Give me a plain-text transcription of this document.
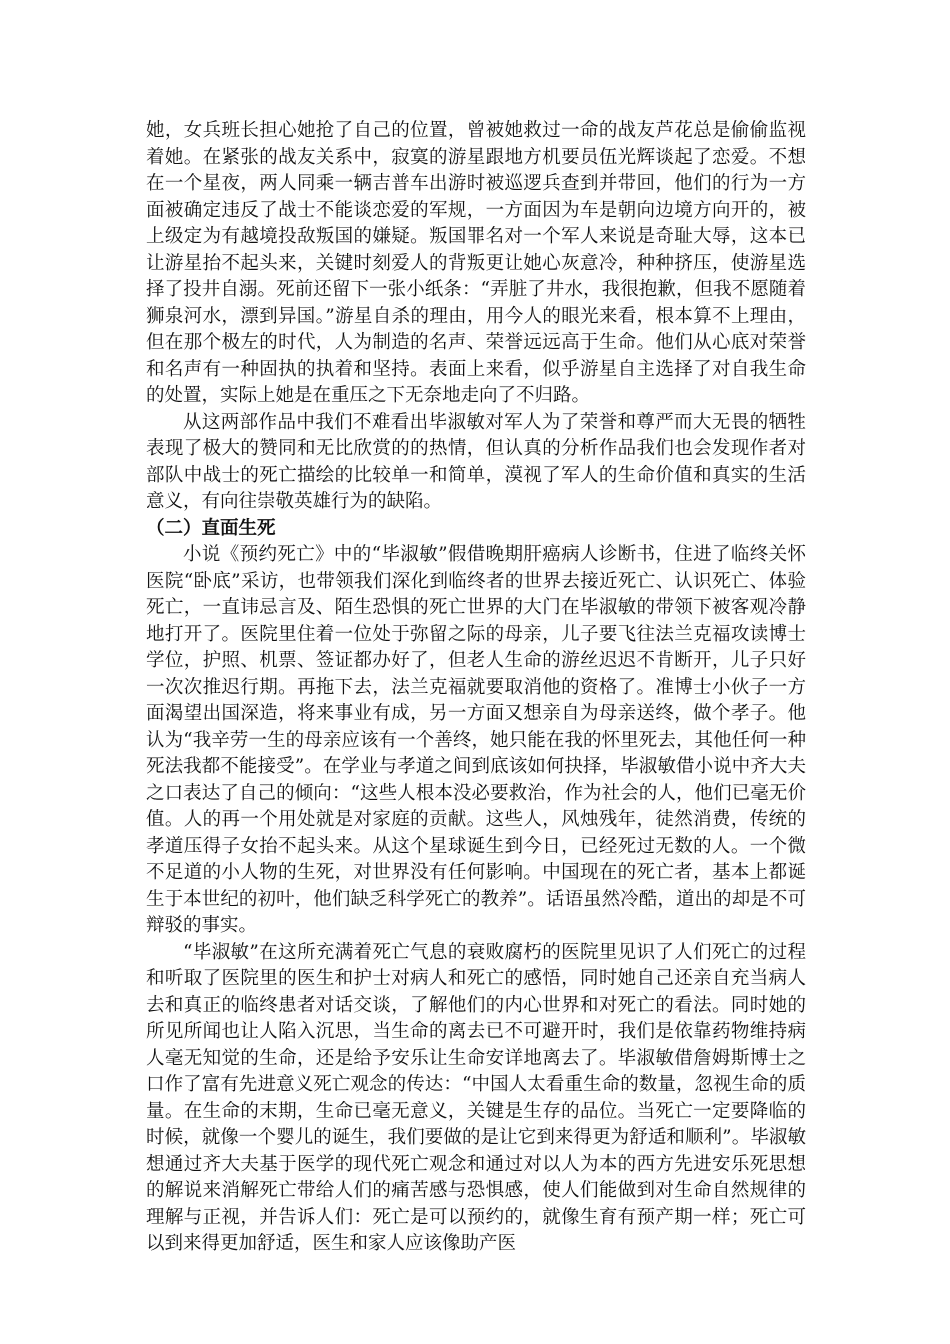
她，女兵班长担心她抢了自己的位置，曾被她救过一命的战友芦花总是偷偷监视着她。在紧张的战友关系中，寂寞的游星跟地方机要员伍光辉谈起了恋爱。不想在一个星夜，两人同乘一辆吉普车出游时被巡逻兵查到并带回，他们的行为一方面被确定违反了战士不能谈恋爱的军规，一方面因为车是朝向边境方向开的，被上级定为有越境投敌叛国的嫌疑。叛国罪名对一个军人来说是奇耻大辱，这本已让游星抬不起头来，关键时刻爱人的背叛更让她心灰意冷，种种挤压，使游星选择了投井自溺。死前还留下一张小纸条：“弄脏了井水，我很抱歉，但我不愿随着狮泉河水，漂到异国。”游星自杀的理由，用今人的眼光来看，根本算不上理由，但在那个极左的时代，人为制造的名声、荣誉远远高于生命。他们从心底对荣誉和名声有一种固执的执着和坚持。表面上来看，似乎游星自主选择了对自我生命的处置，实际上她是在重压之下无奈地走向了不归路。

从这两部作品中我们不难看出毕淑敏对军人为了荣誉和尊严而大无畏的牺牲表现了极大的赞同和无比欣赏的的热情，但认真的分析作品我们也会发现作者对部队中战士的死亡描绘的比较单一和简单，漠视了军人的生命价值和真实的生活意义，有向往崇敬英雄行为的缺陷。

（二）直面生死

小说《预约死亡》中的“毕淑敏”假借晚期肝癌病人诊断书，住进了临终关怀医院“卧底”采访，也带领我们深化到临终者的世界去接近死亡、认识死亡、体验死亡，一直讳忌言及、陌生恐惧的死亡世界的大门在毕淑敏的带领下被客观冷静地打开了。医院里住着一位处于弥留之际的母亲，儿子要飞往法兰克福攻读博士学位，护照、机票、签证都办好了，但老人生命的游丝迟迟不肯断开，儿子只好一次次推迟行期。再拖下去，法兰克福就要取消他的资格了。准博士小伙子一方面渴望出国深造，将来事业有成，另一方面又想亲自为母亲送终，做个孝子。他认为“我辛劳一生的母亲应该有一个善终，她只能在我的怀里死去，其他任何一种死法我都不能接受”。在学业与孝道之间到底该如何抉择，毕淑敏借小说中齐大夫之口表达了自己的倾向：“这些人根本没必要救治，作为社会的人，他们已毫无价值。人的再一个用处就是对家庭的贡献。这些人，风烛残年，徒然消费，传统的孝道压得子女抬不起头来。从这个星球诞生到今日，已经死过无数的人。一个微不足道的小人物的生死，对世界没有任何影响。中国现在的死亡者，基本上都诞生于本世纪的初叶，他们缺乏科学死亡的教养”。话语虽然冷酷，道出的却是不可辩驳的事实。

“毕淑敏”在这所充满着死亡气息的衰败腐朽的医院里见识了人们死亡的过程和听取了医院里的医生和护士对病人和死亡的感悟，同时她自己还亲自充当病人去和真正的临终患者对话交谈，了解他们的内心世界和对死亡的看法。同时她的所见所闻也让人陷入沉思，当生命的离去已不可避开时，我们是依靠药物维持病人毫无知觉的生命，还是给予安乐让生命安详地离去了。毕淑敏借詹姆斯博士之口作了富有先进意义死亡观念的传达：“中国人太看重生命的数量，忽视生命的质量。在生命的末期，生命已毫无意义，关键是生存的品位。当死亡一定要降临的时候，就像一个婴儿的诞生，我们要做的是让它到来得更为舒适和顺利”。毕淑敏想通过齐大夫基于医学的现代死亡观念和通过对以人为本的西方先进安乐死思想的解说来消解死亡带给人们的痛苦感与恐惧感，使人们能做到对生命自然规律的理解与正视，并告诉人们：死亡是可以预约的，就像生育有预产期一样；死亡可以到来得更加舒适，医生和家人应该像助产医
